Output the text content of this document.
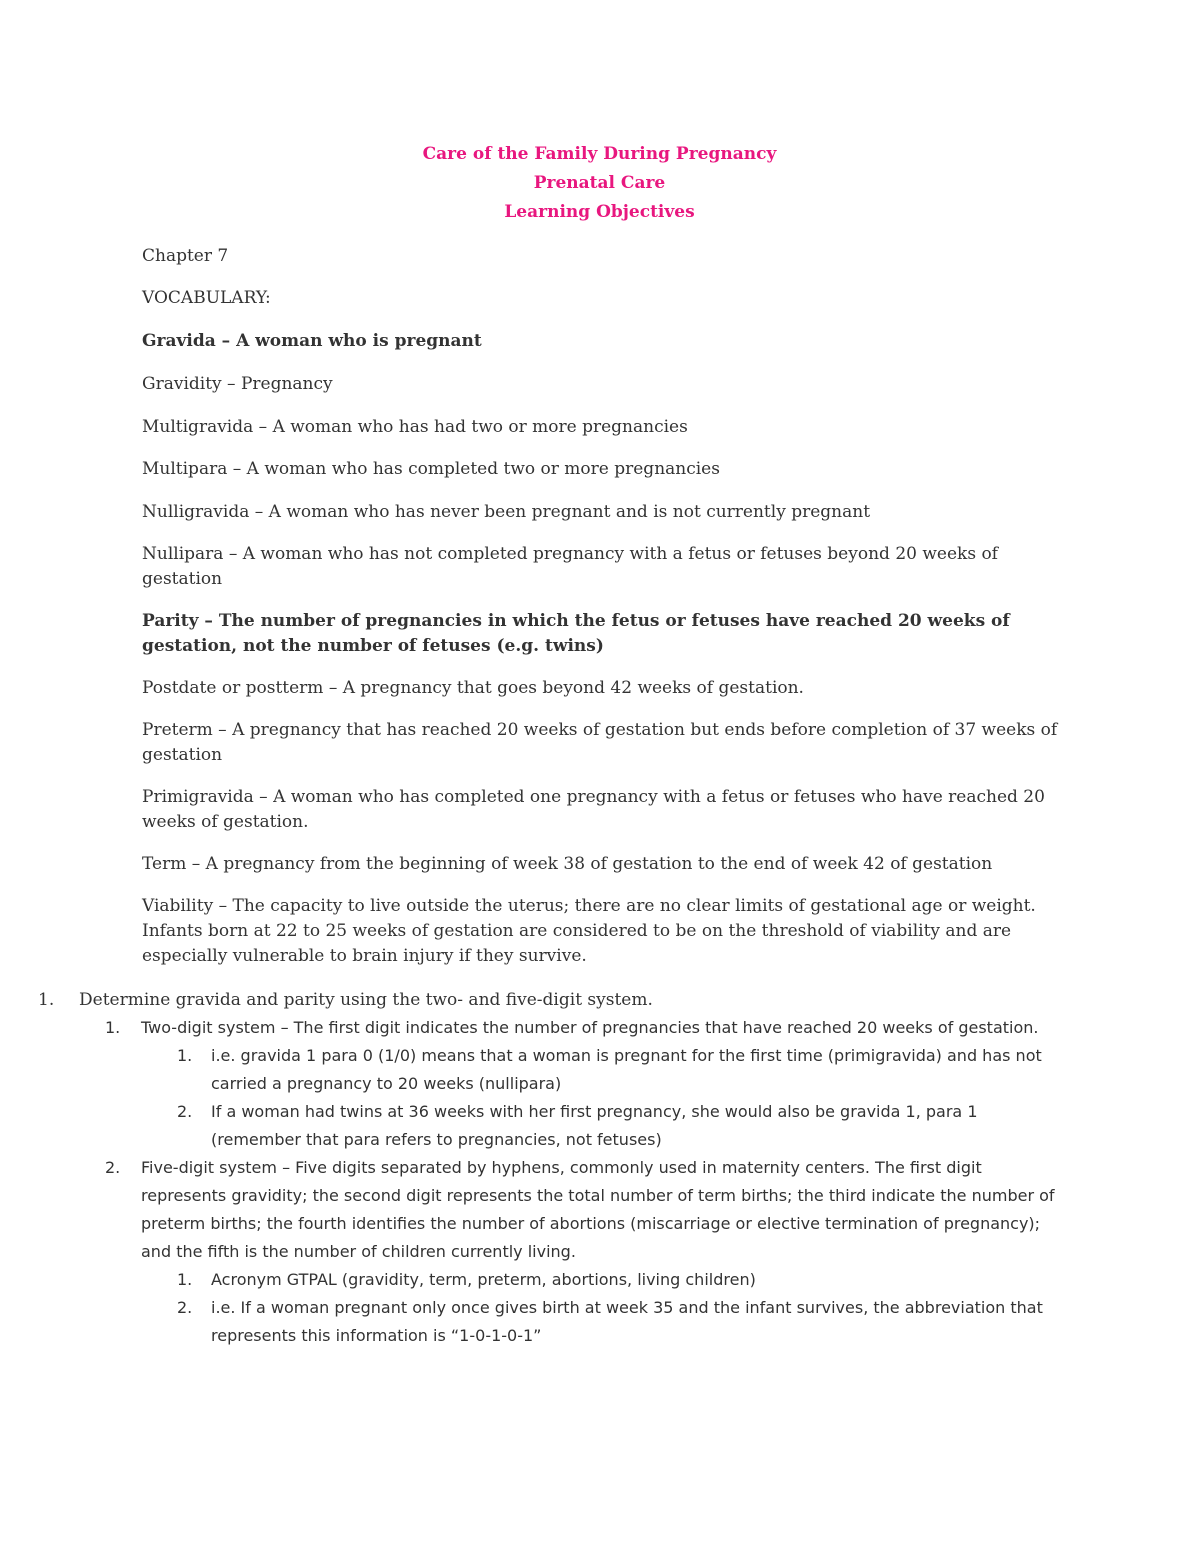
Care of the Family During Pregnancy
Prenatal Care
Learning Objectives

Chapter 7

VOCABULARY:

Gravida – A woman who is pregnant

Gravidity – Pregnancy

Multigravida – A woman who has had two or more pregnancies

Multipara – A woman who has completed two or more pregnancies

Nulligravida – A woman who has never been pregnant and is not currently pregnant

Nullipara – A woman who has not completed pregnancy with a fetus or fetuses beyond 20 weeks of gestation

Parity – The number of pregnancies in which the fetus or fetuses have reached 20 weeks of gestation, not the number of fetuses (e.g. twins)

Postdate or postterm – A pregnancy that goes beyond 42 weeks of gestation.

Preterm – A pregnancy that has reached 20 weeks of gestation but ends before completion of 37 weeks of gestation

Primigravida – A woman who has completed one pregnancy with a fetus or fetuses who have reached 20 weeks of gestation.

Term – A pregnancy from the beginning of week 38 of gestation to the end of week 42 of gestation

Viability – The capacity to live outside the uterus; there are no clear limits of gestational age or weight. Infants born at 22 to 25 weeks of gestation are considered to be on the threshold of viability and are especially vulnerable to brain injury if they survive.

1. Determine gravida and parity using the two- and five-digit system.
1. Two-digit system – The first digit indicates the number of pregnancies that have reached 20 weeks of gestation.
1. i.e. gravida 1 para 0 (1/0) means that a woman is pregnant for the first time (primigravida) and has not carried a pregnancy to 20 weeks (nullipara)
2. If a woman had twins at 36 weeks with her first pregnancy, she would also be gravida 1, para 1 (remember that para refers to pregnancies, not fetuses)
2. Five-digit system – Five digits separated by hyphens, commonly used in maternity centers. The first digit represents gravidity; the second digit represents the total number of term births; the third indicate the number of preterm births; the fourth identifies the number of abortions (miscarriage or elective termination of pregnancy); and the fifth is the number of children currently living.
1. Acronym GTPAL (gravidity, term, preterm, abortions, living children)
2. i.e. If a woman pregnant only once gives birth at week 35 and the infant survives, the abbreviation that represents this information is “1-0-1-0-1”
